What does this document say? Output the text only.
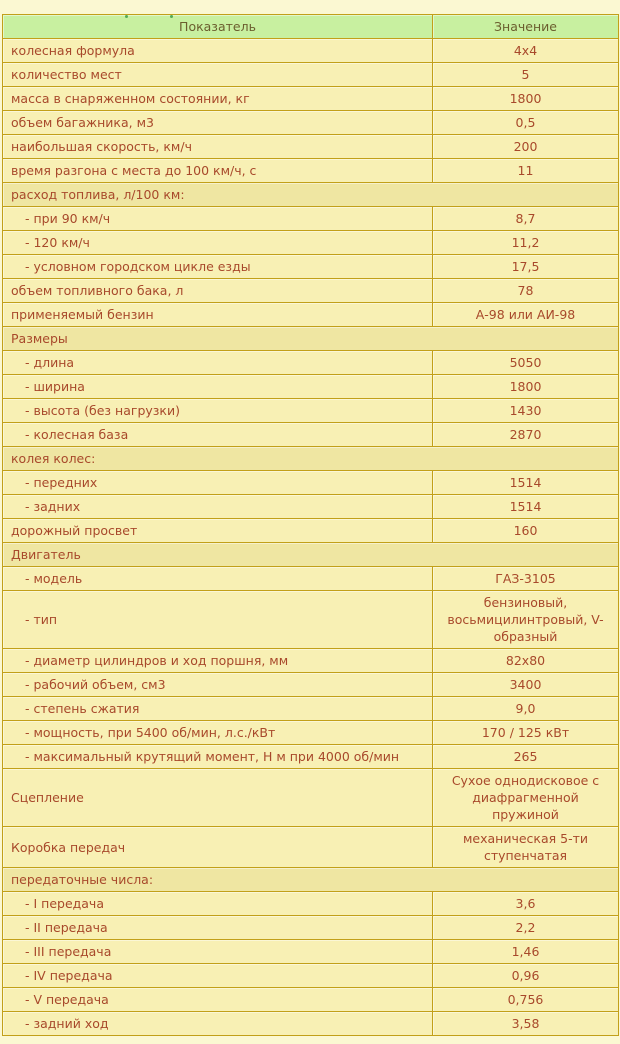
Показатель	Значение
колесная формула	4x4
количество мест	5
масса в снаряженном состоянии, кг	1800
объем багажника, м3	0,5
наибольшая скорость, км/ч	200
время разгона с места до 100 км/ч, с	11
расход топлива, л/100 км:	
- при 90 км/ч	8,7
- 120 км/ч	11,2
- условном городском цикле езды	17,5
объем топливного бака, л	78
применяемый бензин	А-98 или АИ-98
Размеры	
- длина	5050
- ширина	1800
- высота (без нагрузки)	1430
- колесная база	2870
колея колес:	
- передних	1514
- задних	1514
дорожный просвет	160
Двигатель	
- модель	ГАЗ-3105
- тип	бензиновый, восьмицилинтровый, V-образный
- диаметр цилиндров и ход поршня, мм	82x80
- рабочий объем, см3	3400
- степень сжатия	9,0
- мощность, при 5400 об/мин, л.с./кВт	170 / 125 кВт
- максимальный крутящий момент, Н м при 4000 об/мин	265
Сцепление	Сухое однодисковое с диафрагменной пружиной
Коробка передач	механическая 5-ти ступенчатая
передаточные числа:	
- I передача	3,6
- II передача	2,2
- III передача	1,46
- IV передача	0,96
- V передача	0,756
- задний ход	3,58
